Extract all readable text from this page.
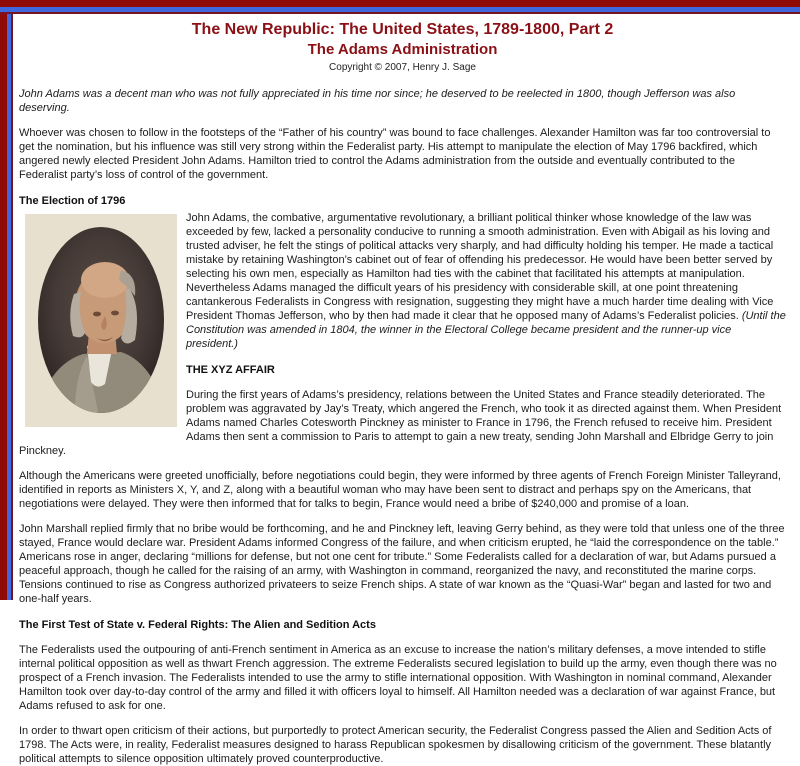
The New Republic: The United States, 1789-1800, Part 2
The Adams Administration
Copyright © 2007, Henry J. Sage

John Adams was a decent man who was not fully appreciated in his time nor since; he deserved to be reelected in 1800, though Jefferson was also deserving.

Whoever was chosen to follow in the footsteps of the “Father of his country” was bound to face challenges. Alexander Hamilton was far too controversial to get the nomination, but his influence was still very strong within the Federalist party. His attempt to manipulate the election of May 1796 backfired, which angered newly elected President John Adams. Hamilton tried to control the Adams administration from the outside and eventually contributed to the Federalist party’s loss of control of the government.

The Election of 1796

John Adams, the combative, argumentative revolutionary, a brilliant political thinker whose knowledge of the law was exceeded by few, lacked a personality conducive to running a smooth administration. Even with Abigail as his loving and trusted adviser, he felt the stings of political attacks very sharply, and had difficulty holding his temper. He made a tactical mistake by retaining Washington’s cabinet out of fear of offending his predecessor. He would have been better served by selecting his own men, especially as Hamilton had ties with the cabinet that facilitated his attempts at manipulation. Nevertheless Adams managed the difficult years of his presidency with considerable skill, at one point threatening cantankerous Federalists in Congress with resignation, suggesting they might have a much harder time dealing with Vice President Thomas Jefferson, who by then had made it clear that he opposed many of Adams’s Federalist policies. (Until the Constitution was amended in 1804, the winner in the Electoral College became president and the runner-up vice president.)

THE XYZ AFFAIR

During the first years of Adams’s presidency, relations between the United States and France steadily deteriorated. The problem was aggravated by Jay’s Treaty, which angered the French, who took it as directed against them. When President Adams named Charles Cotesworth Pinckney as minister to France in 1796, the French refused to receive him. President Adams then sent a commission to Paris to attempt to gain a new treaty, sending John Marshall and Elbridge Gerry to join Pinckney.

Although the Americans were greeted unofficially, before negotiations could begin, they were informed by three agents of French Foreign Minister Talleyrand, identified in reports as Ministers X, Y, and Z, along with a beautiful woman who may have been sent to distract and perhaps spy on the Americans, that negotiations were delayed. They were then informed that for talks to begin, France would need a bribe of $240,000 and promise of a loan.

John Marshall replied firmly that no bribe would be forthcoming, and he and Pinckney left, leaving Gerry behind, as they were told that unless one of the three stayed, France would declare war. President Adams informed Congress of the failure, and when criticism erupted, he “laid the correspondence on the table.” Americans rose in anger, declaring “millions for defense, but not one cent for tribute.” Some Federalists called for a declaration of war, but Adams pursued a peaceful approach, though he called for the raising of an army, with Washington in command, reorganized the navy, and reconstituted the marine corps. Tensions continued to rise as Congress authorized privateers to seize French ships. A state of war known as the “Quasi-War” began and lasted for two and one-half years.

The First Test of State v. Federal Rights: The Alien and Sedition Acts

The Federalists used the outpouring of anti-French sentiment in America as an excuse to increase the nation’s military defenses, a move intended to stifle internal political opposition as well as thwart French aggression. The extreme Federalists secured legislation to build up the army, even though there was no prospect of a French invasion. The Federalists intended to use the army to stifle international opposition. With Washington in nominal command, Alexander Hamilton took over day-to-day control of the army and filled it with officers loyal to himself. All Hamilton needed was a declaration of war against France, but Adams refused to ask for one.

In order to thwart open criticism of their actions, but purportedly to protect American security, the Federalist Congress passed the Alien and Sedition Acts of 1798. The Acts were, in reality, Federalist measures designed to harass Republican spokesmen by disallowing criticism of the government. These blatantly political attempts to silence opposition ultimately proved counterproductive.
